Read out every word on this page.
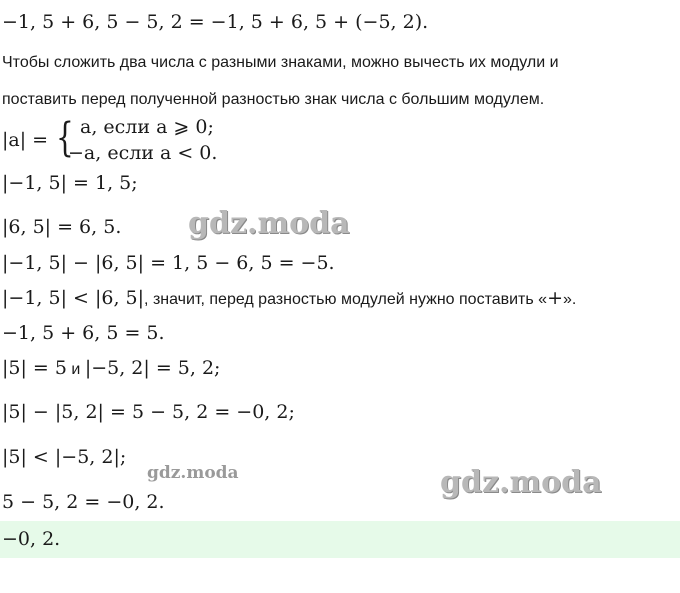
−1, 5 + 6, 5 − 5, 2 = −1, 5 + 6, 5 + (−5, 2).
Чтобы сложить два числа с разными знаками, можно вычесть их модули и
поставить перед полученной разностью знак числа с большим модулем.
|a| = { a, если a ⩾ 0;
−a, если a < 0.
|−1, 5| = 1, 5;
|6, 5| = 6, 5.
|−1, 5| − |6, 5| = 1, 5 − 6, 5 = −5.
|−1, 5| < |6, 5|, значит, перед разностью модулей нужно поставить «+».
−1, 5 + 6, 5 = 5.
|5| = 5 и |−5, 2| = 5, 2;
|5| − |5, 2| = 5 − 5, 2 = −0, 2;
|5| < |−5, 2|;
5 − 5, 2 = −0, 2.
−0, 2.
gdz.moda
gdz.moda	gdz.moda
